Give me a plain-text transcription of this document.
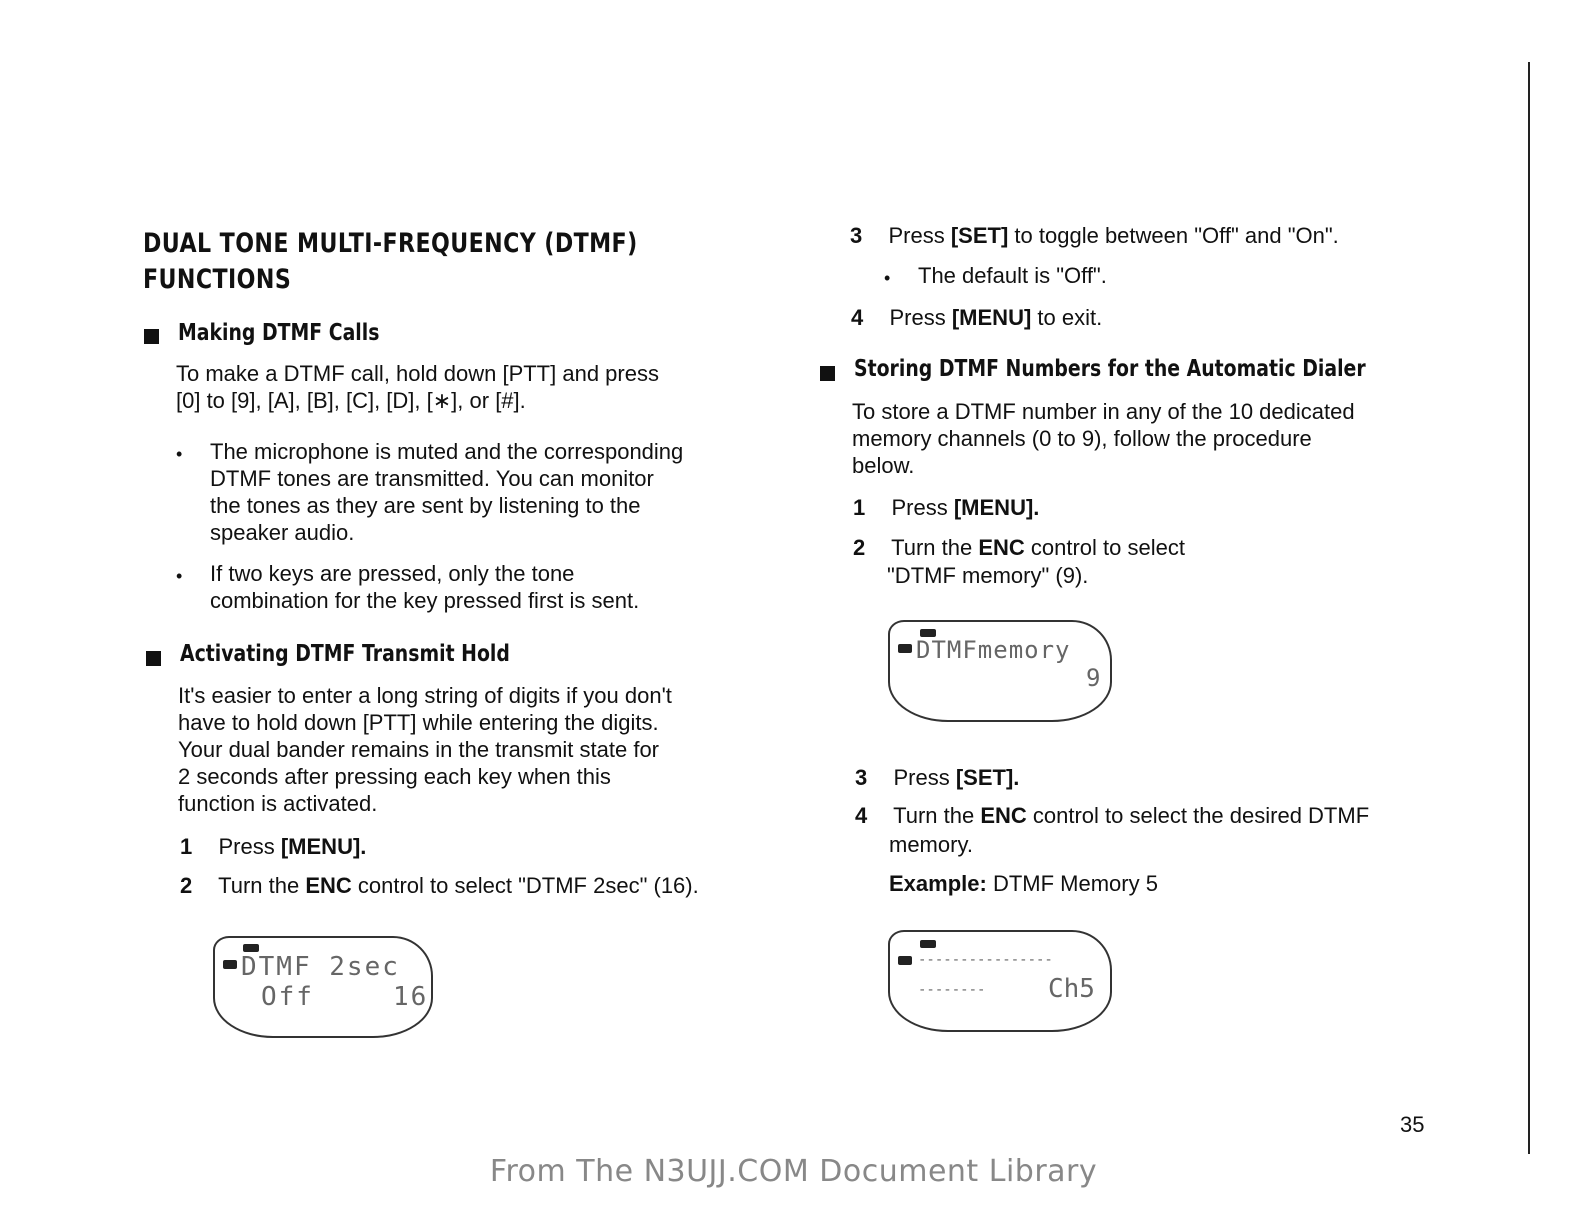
DUAL TONE MULTI-FREQUENCY (DTMF)
FUNCTIONS
Making DTMF Calls
To make a DTMF call, hold down [PTT] and press
[0] to [9], [A], [B], [C], [D], [∗], or [#].
• The microphone is muted and the corresponding
DTMF tones are transmitted. You can monitor
the tones as they are sent by listening to the
speaker audio.
• If two keys are pressed, only the tone
combination for the key pressed first is sent.
Activating DTMF Transmit Hold
It's easier to enter a long string of digits if you don't
have to hold down [PTT] while entering the digits.
Your dual bander remains in the transmit state for
2 seconds after pressing each key when this
function is activated.
1 Press [MENU].
2 Turn the ENC control to select "DTMF 2sec" (16).
DTMF 2sec
Off	16
3 Press [SET] to toggle between "Off" and "On".
• The default is "Off".
4 Press [MENU] to exit.
Storing DTMF Numbers for the Automatic Dialer
To store a DTMF number in any of the 10 dedicated
memory channels (0 to 9), follow the procedure
below.
1 Press [MENU].
2 Turn the ENC control to select
"DTMF memory" (9).
DTMFmemory
9
3 Press [SET].
4 Turn the ENC control to select the desired DTMF
memory.
Example: DTMF Memory 5
----------------
-------- Ch5
35
From The N3UJJ.COM Document Library
